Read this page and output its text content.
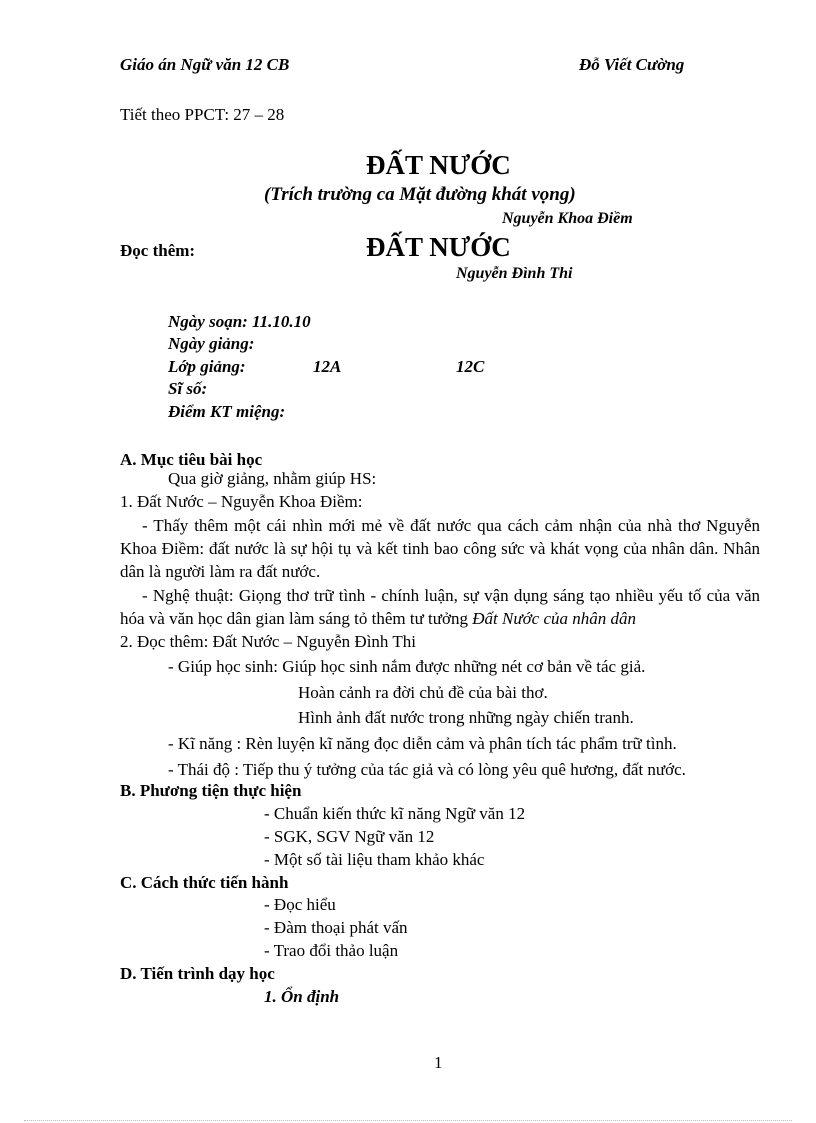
Giáo án Ngữ văn 12 CB	Đỗ Viết Cường
Tiết theo PPCT: 27 – 28
ĐẤT NƯỚC
(Trích trường ca Mặt đường khát vọng)
Nguyễn Khoa Điềm
Đọc thêm:	ĐẤT NƯỚC
Nguyễn Đình Thi
Ngày soạn: 11.10.10
Ngày giảng:
Lớp giảng:	12A	12C
Sĩ số:
Điểm KT miệng:
A. Mục tiêu bài học
Qua giờ giảng, nhằm giúp HS:
1. Đất Nước – Nguyễn Khoa Điềm:
- Thấy thêm một cái nhìn mới mẻ về đất nước qua cách cảm nhận của nhà thơ Nguyễn Khoa Điềm: đất nước là sự hội tụ và kết tinh bao công sức và khát vọng của nhân dân. Nhân dân là người làm ra đất nước.
- Nghệ thuật: Giọng thơ trữ tình - chính luận, sự vận dụng sáng tạo nhiều yếu tố của văn hóa và văn học dân gian làm sáng tỏ thêm tư tưởng Đất Nước của nhân dân
2. Đọc thêm: Đất Nước – Nguyễn Đình Thi
- Giúp học sinh: Giúp học sinh nắm được những nét cơ bản về tác giả.
Hoàn cảnh ra đời chủ đề của bài thơ.
Hình ảnh đất nước trong những ngày chiến tranh.
- Kĩ năng : Rèn luyện kĩ năng đọc diễn cảm và phân tích tác phẩm trữ tình.
- Thái độ : Tiếp thu ý tưởng của tác giả và có lòng yêu quê hương, đất nước.
B. Phương tiện thực hiện
- Chuẩn kiến thức kĩ năng Ngữ văn 12
- SGK, SGV Ngữ văn 12
- Một số tài liệu tham khảo khác
C. Cách thức tiến hành
- Đọc hiểu
- Đàm thoại phát vấn
- Trao đổi thảo luận
D. Tiến trình dạy học
1. Ổn định
1
